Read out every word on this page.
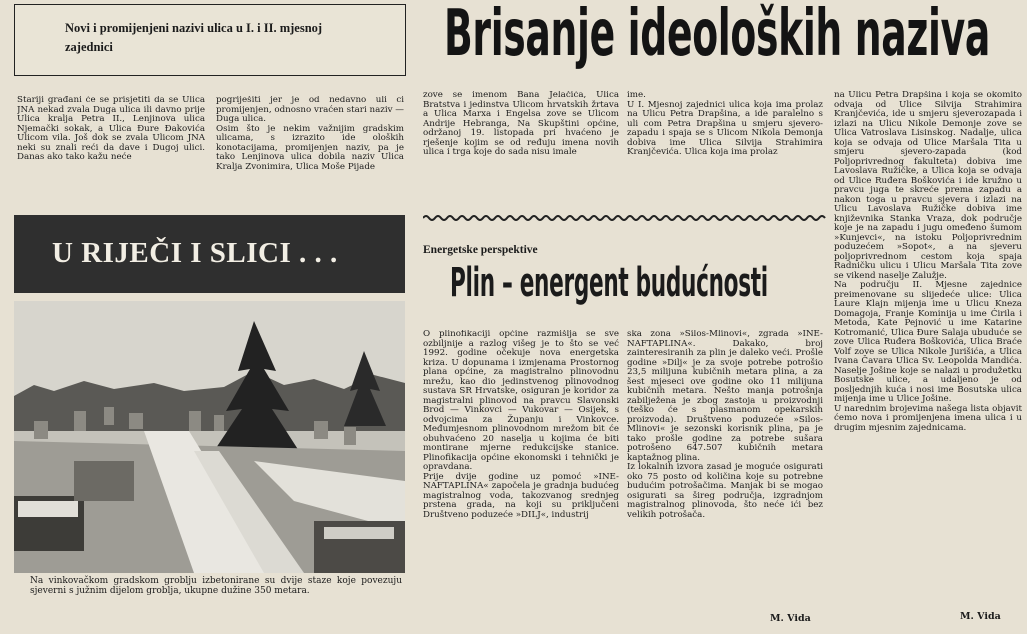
Novi i promijenjeni nazivi ulica u I. i II. mjesnoj zajednici	Brisanje ideoloških naziva
Stariji građani će se prisjetiti da se Ulica JNA nekad zvala Duga ulica ili davno prije Ulica kralja Petra II., Lenjinova ulica Njemački sokak, a Ulica Đure Đakovića Ulicom vila. Još dok se zvala Ulicom JNA neki su znali reći da dave i Dugoj ulici. Danas ako tako kažu neće
pogriješiti jer je od nedavno uli ci promijenjen, odnosno vraćen stari naziv — Duga ulica.
Osim što je nekim važnijim gradskim ulicama, s izrazito ide oloških konotacijama, promijenjen naziv, pa je tako Lenjinova ulica dobila naziv Ulica Kralja Zvonimira, Ulica Moše Pijade
zove se imenom Bana Jelačića, Ulica Bratstva i jedinstva Ulicom hrvatskih žrtava a Ulica Marxa i Engelsa zove se Ulicom Andrije Hebranga, Na Skupštini općine, održanoj 19. listopada pri hvaćeno je rješenje kojim se od ređuju imena novih ulica i trga koje do sada nisu imale
ime.
U I. Mjesnoj zajednici ulica koja ima prolaz na Ulicu Petra Drapšina, a ide paralelno s uli com Petra Drapšina u smjeru sjevero-zapadu i spaja se s Ulicom Nikola Demonja dobiva ime Ulica Silvija Strahimira Kranjčevića. Ulica koja ima prolaz
na Ulicu Petra Drapšina i koja se okomito odvaja od Ulice Silvija Strahimira Kranjčevića, ide u smjeru sjeverozapada i izlazi na Ulicu Nikole Demonje zove se Ulica Vatroslava Lisinskog. Nadalje, ulica koja se odvaja od Ulice Maršala Tita u smjeru sjevero-zapada (kod Poljoprivrednog fakulteta) dobiva ime Lavoslava Ružičke, a Ulica koja se odvaja od Ulice Ruđera Boškovića i ide kružno u pravcu juga te skreće prema zapadu a nakon toga u pravcu sjevera i izlazi na Ulicu Lavoslava Ružičke dobiva ime književnika Stanka Vraza, dok područje koje je na zapadu i jugu omeđeno šumom »Kunjevci«, na istoku Poljoprivrednim poduzećem »Sopot«, a na sjeveru poljoprivrednom cestom koja spaja Radničku ulicu i Ulicu Maršala Tita zove se vikend naselje Zalužje.
Na području II. Mjesne zajednice preimenovane su slijedeće ulice: Ulica Laure Klajn mijenja ime u Ulicu Kneza Domagoja, Franje Kominija u ime Ćirila i Metoda, Kate Pejnović u ime Katarine Kotromanić, Ulica Đure Salaja ubuduće se zove Ulica Ruđera Boškovića, Ulica Braće Volf zove se Ulica Nikole Jurišića, a Ulica Ivana Čavara Ulica Sv. Leopolda Mandića. Naselje Jošine koje se nalazi u produžetku Bosutske ulice, a udaljeno je od posljednjih kuća i nosi ime Bosutska ulica mijenja ime u Ulice Jošine.
U narednim brojevima našega lista objavit ćemo nova i promijenjena imena ulica i u drugim mjesnim zajednicama.
M. Vida
U RIJEČI I SLICI . . .
Na vinkovačkom gradskom groblju izbetonirane su dvije staze koje povezuju sjeverni s južnim dijelom groblja, ukupne dužine 350 metara.
Energetske perspektive
Plin – energent budućnosti
O plinofikaciji općine razmišlja se sve ozbiljnije a razlog višeg je to što se već 1992. godine očekuje nova energetska kriza. U dopunama i izmjenama Prostornog plana općine, za magistralno plinovodnu mrežu, kao dio jedinstvenog plinovodnog sustava SR Hrvatske, osiguran je koridor za magistralni plinovod na pravcu Slavonski Brod — Vinkovci — Vukovar — Osijek, s odvojcima za Županju i Vinkovce. Međumjesnom plinovodnom mrežom bit će obuhvaćeno 20 naselja u kojima će biti montirane mjerne redukcijske stanice. Plinofikacija općine ekonomski i tehnički je opravdana.
Prije dvije godine uz pomoć »INE-NAFTAPLINA« započela je gradnja budućeg magistralnog voda, takozvanog srednjeg prstena grada, na koji su priključeni Društveno poduzeće »DILJ«, industrij
ska zona »Silos-Mlinovi«, zgrada »INE-NAFTAPLINA«. Dakako, broj zainteresiranih za plin je daleko veći. Prošle godine »Dilj« je za svoje potrebe potrošio 23,5 milijuna kubičnih metara plina, a za šest mjeseci ove godine oko 11 milijuna kubičnih metara. Nešto manja potrošnja zabilježena je zbog zastoja u proizvodnji (teško će s plasmanom opekarskih proizvoda). Društveno poduzeće »Silos-Mlinovi« je sezonski korisnik plina, pa je tako prošle godine za potrebe sušara potrošeno 647.507 kubičnih metara kaptažnog plina.
Iz lokalnih izvora zasad je moguće osigurati oko 75 posto od količina koje su potrebne budućim potrošačima. Manjak bi se mogao osigurati sa šireg područja, izgradnjom magistralnog plinovoda, što neće ići bez velikih potrošača.
M. Vida
